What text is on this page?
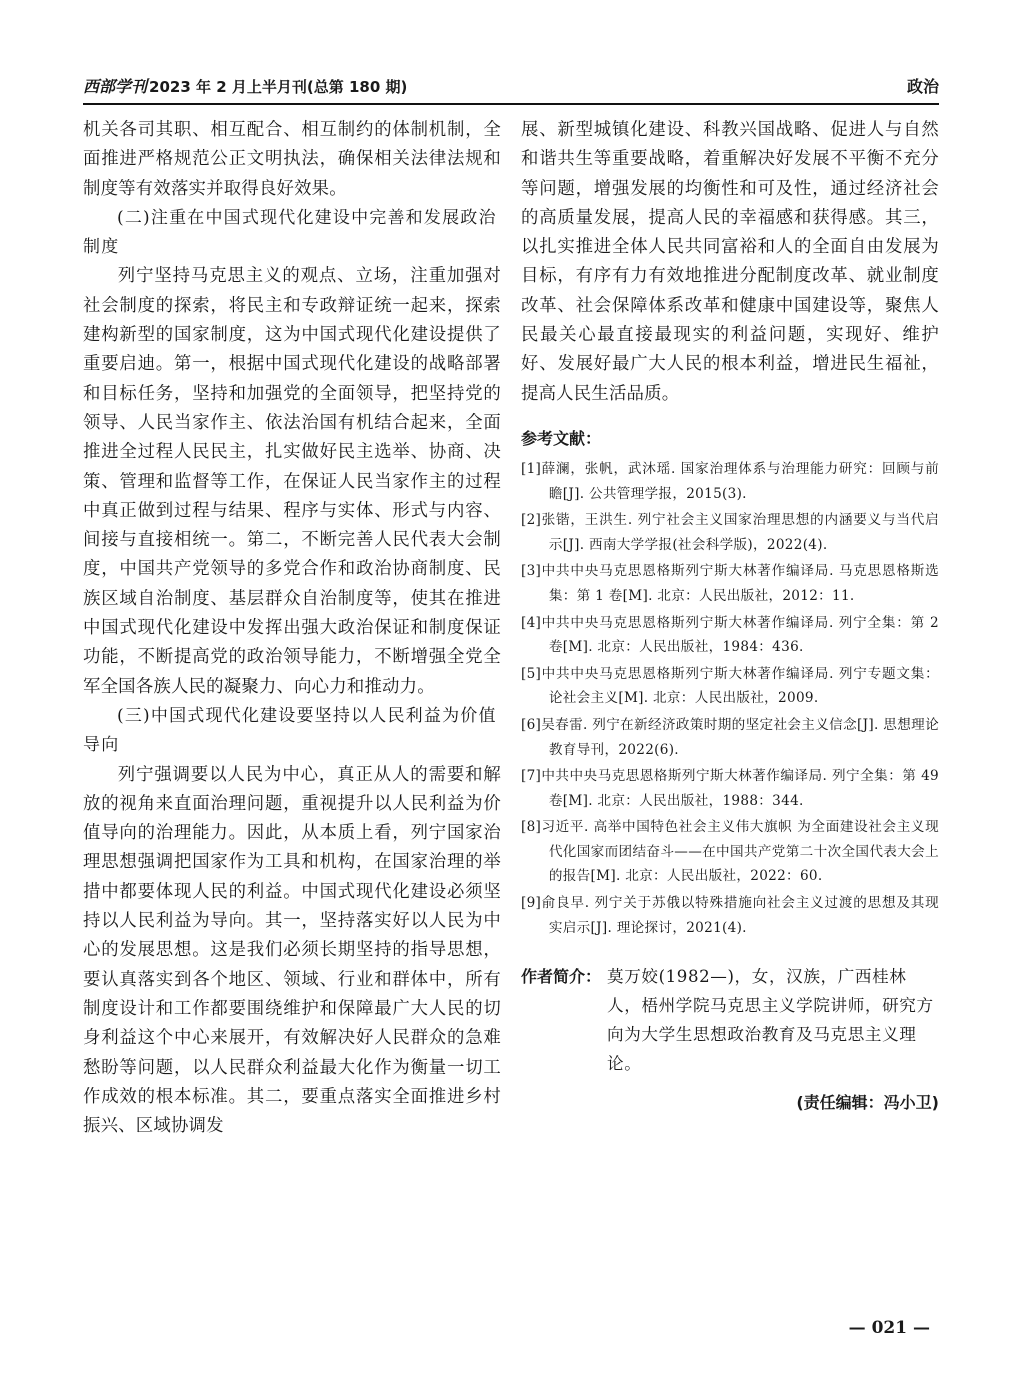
西部学刊 2023 年 2 月上半月刊(总第 180 期)	政治

机关各司其职、相互配合、相互制约的体制机制，全面推进严格规范公正文明执法，确保相关法律法规和制度等有效落实并取得良好效果。

(二)注重在中国式现代化建设中完善和发展政治制度

列宁坚持马克思主义的观点、立场，注重加强对社会制度的探索，将民主和专政辩证统一起来，探索建构新型的国家制度，这为中国式现代化建设提供了重要启迪。第一，根据中国式现代化建设的战略部署和目标任务，坚持和加强党的全面领导，把坚持党的领导、人民当家作主、依法治国有机结合起来，全面推进全过程人民民主，扎实做好民主选举、协商、决策、管理和监督等工作，在保证人民当家作主的过程中真正做到过程与结果、程序与实体、形式与内容、间接与直接相统一。第二，不断完善人民代表大会制度，中国共产党领导的多党合作和政治协商制度、民族区域自治制度、基层群众自治制度等，使其在推进中国式现代化建设中发挥出强大政治保证和制度保证功能，不断提高党的政治领导能力，不断增强全党全军全国各族人民的凝聚力、向心力和推动力。

(三)中国式现代化建设要坚持以人民利益为价值导向

列宁强调要以人民为中心，真正从人的需要和解放的视角来直面治理问题，重视提升以人民利益为价值导向的治理能力。因此，从本质上看，列宁国家治理思想强调把国家作为工具和机构，在国家治理的举措中都要体现人民的利益。中国式现代化建设必须坚持以人民利益为导向。其一，坚持落实好以人民为中心的发展思想。这是我们必须长期坚持的指导思想，要认真落实到各个地区、领域、行业和群体中，所有制度设计和工作都要围绕维护和保障最广大人民的切身利益这个中心来展开，有效解决好人民群众的急难愁盼等问题，以人民群众利益最大化作为衡量一切工作成效的根本标准。其二，要重点落实全面推进乡村振兴、区域协调发

展、新型城镇化建设、科教兴国战略、促进人与自然和谐共生等重要战略，着重解决好发展不平衡不充分等问题，增强发展的均衡性和可及性，通过经济社会的高质量发展，提高人民的幸福感和获得感。其三，以扎实推进全体人民共同富裕和人的全面自由发展为目标，有序有力有效地推进分配制度改革、就业制度改革、社会保障体系改革和健康中国建设等，聚焦人民最关心最直接最现实的利益问题，实现好、维护好、发展好最广大人民的根本利益，增进民生福祉，提高人民生活品质。

参考文献：
[1]薛澜，张帆，武沐瑶. 国家治理体系与治理能力研究：回顾与前瞻[J]. 公共管理学报，2015(3).
[2]张锴，王洪生. 列宁社会主义国家治理思想的内涵要义与当代启示[J]. 西南大学学报(社会科学版)，2022(4).
[3]中共中央马克思恩格斯列宁斯大林著作编译局. 马克思恩格斯选集：第 1 卷[M]. 北京：人民出版社，2012：11.
[4]中共中央马克思恩格斯列宁斯大林著作编译局. 列宁全集：第 2 卷[M]. 北京：人民出版社，1984：436.
[5]中共中央马克思恩格斯列宁斯大林著作编译局. 列宁专题文集：论社会主义[M]. 北京：人民出版社，2009.
[6]吴春雷. 列宁在新经济政策时期的坚定社会主义信念[J]. 思想理论教育导刊，2022(6).
[7]中共中央马克思恩格斯列宁斯大林著作编译局. 列宁全集：第 49 卷[M]. 北京：人民出版社，1988：344.
[8]习近平. 高举中国特色社会主义伟大旗帜 为全面建设社会主义现代化国家而团结奋斗——在中国共产党第二十次全国代表大会上的报告[M]. 北京：人民出版社，2022：60.
[9]俞良早. 列宁关于苏俄以特殊措施向社会主义过渡的思想及其现实启示[J]. 理论探讨，2021(4).
作者简介： 莫万姣(1982—)，女，汉族，广西桂林人，梧州学院马克思主义学院讲师，研究方向为大学生思想政治教育及马克思主义理论。
(责任编辑：冯小卫)
— 021 —
